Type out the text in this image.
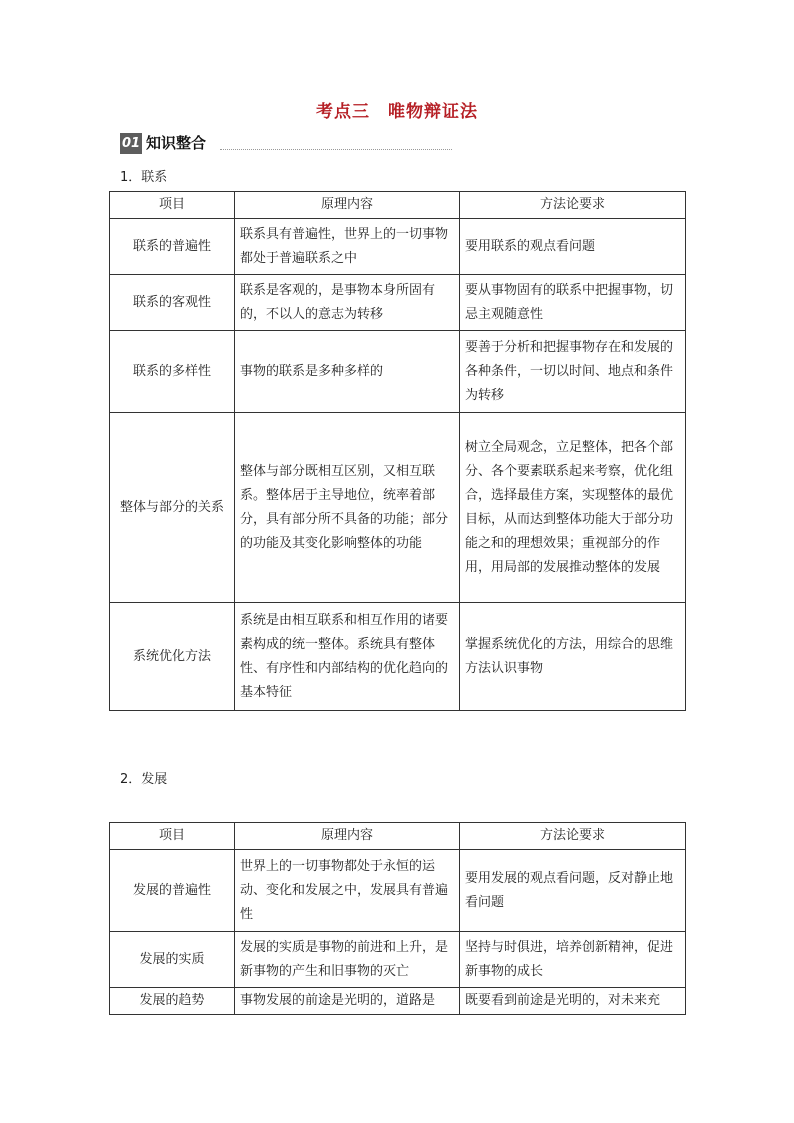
考点三　唯物辩证法
01 知识整合
1．联系
项目	原理内容	方法论要求
联系的普遍性	联系具有普遍性，世界上的一切事物都处于普遍联系之中	要用联系的观点看问题
联系的客观性	联系是客观的，是事物本身所固有的，不以人的意志为转移	要从事物固有的联系中把握事物，切忌主观随意性
联系的多样性	事物的联系是多种多样的	要善于分析和把握事物存在和发展的各种条件，一切以时间、地点和条件为转移
整体与部分的关系	整体与部分既相互区别，又相互联系。整体居于主导地位，统率着部分，具有部分所不具备的功能；部分的功能及其变化影响整体的功能	树立全局观念，立足整体，把各个部分、各个要素联系起来考察，优化组合，选择最佳方案，实现整体的最优目标，从而达到整体功能大于部分功能之和的理想效果；重视部分的作用，用局部的发展推动整体的发展
系统优化方法	系统是由相互联系和相互作用的诸要素构成的统一整体。系统具有整体性、有序性和内部结构的优化趋向的基本特征	掌握系统优化的方法，用综合的思维方法认识事物
2．发展
项目	原理内容	方法论要求
发展的普遍性	世界上的一切事物都处于永恒的运动、变化和发展之中，发展具有普遍性	要用发展的观点看问题，反对静止地看问题
发展的实质	发展的实质是事物的前进和上升，是新事物的产生和旧事物的灭亡	坚持与时俱进，培养创新精神，促进新事物的成长
发展的趋势	事物发展的前途是光明的，道路是	既要看到前途是光明的，对未来充
